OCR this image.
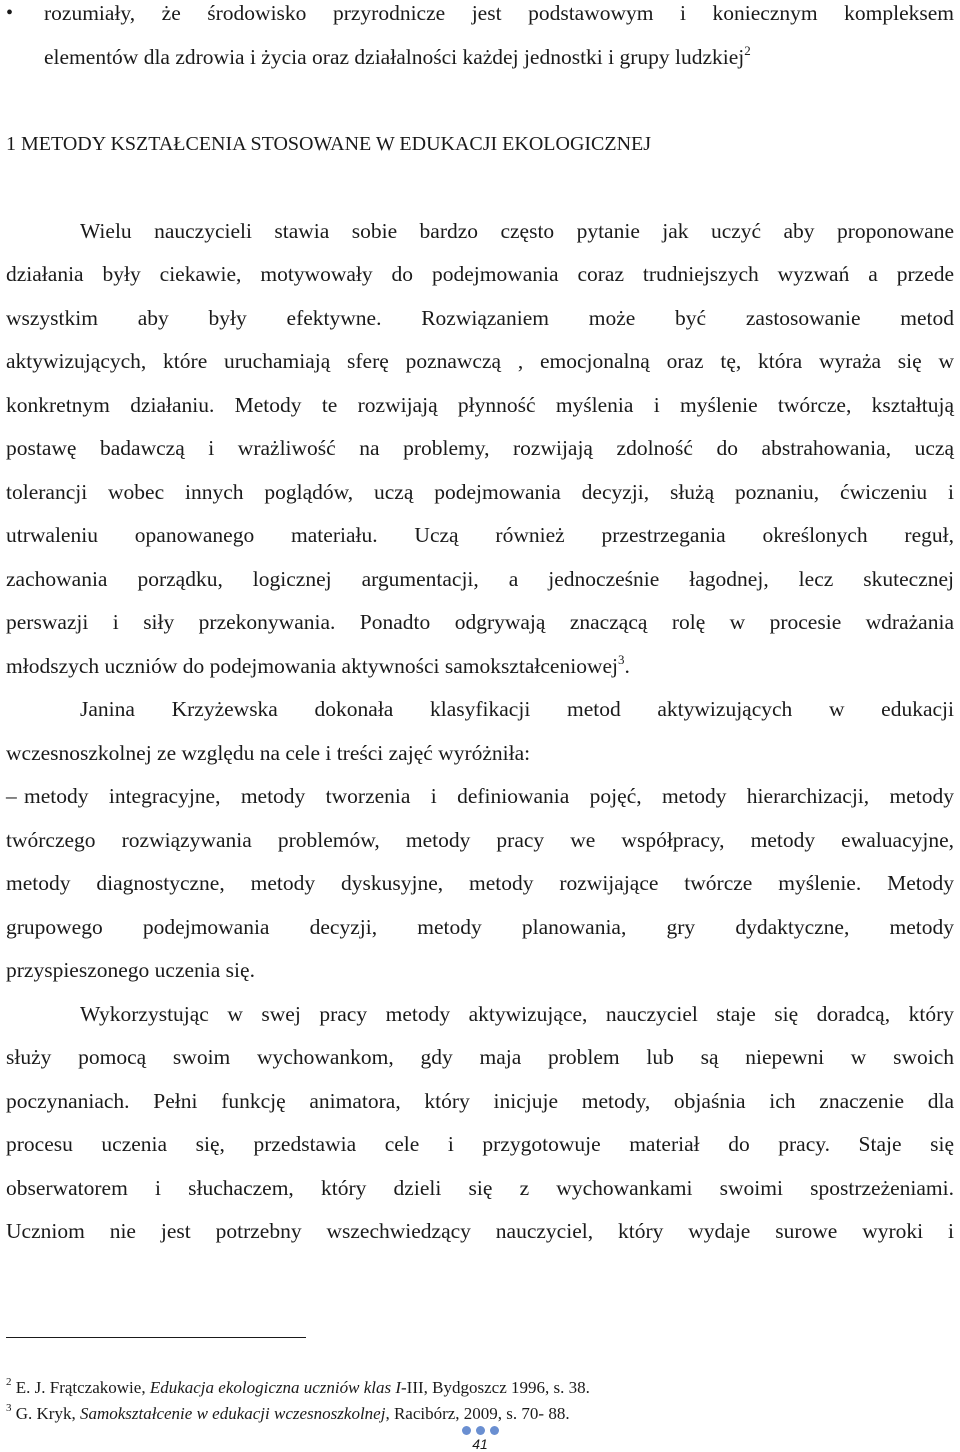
• rozumiały, że środowisko przyrodnicze jest podstawowym i koniecznym kompleksem
elementów dla zdrowia i życia oraz działalności każdej jednostki i grupy ludzkiej$^2$
1 METODY KSZTAŁCENIA STOSOWANE W EDUKACJI EKOLOGICZNEJ
Wielu nauczycieli stawia sobie bardzo często pytanie jak uczyć aby proponowane
działania były ciekawie, motywowały do podejmowania coraz trudniejszych wyzwań a przede
wszystkim aby były efektywne. Rozwiązaniem może być zastosowanie metod
aktywizujących, które uruchamiają sferę poznawczą , emocjonalną oraz tę, która wyraża się w
konkretnym działaniu. Metody te rozwijają płynność myślenia i myślenie twórcze, kształtują
postawę badawczą i wrażliwość na problemy, rozwijają zdolność do abstrahowania, uczą
tolerancji wobec innych poglądów, uczą podejmowania decyzji, służą poznaniu, ćwiczeniu i
utrwaleniu opanowanego materiału. Uczą również przestrzegania określonych reguł,
zachowania porządku, logicznej argumentacji, a jednocześnie łagodnej, lecz skutecznej
perswazji i siły przekonywania. Ponadto odgrywają znaczącą rolę w procesie wdrażania
młodszych uczniów do podejmowania aktywności samokształceniowej$^3$.
Janina Krzyżewska dokonała klasyfikacji metod aktywizujących w edukacji
wczesnoszkolnej ze względu na cele i treści zajęć wyróżniła:
– metody integracyjne, metody tworzenia i definiowania pojęć, metody hierarchizacji, metody
twórczego rozwiązywania problemów, metody pracy we współpracy, metody ewaluacyjne,
metody diagnostyczne, metody dyskusyjne, metody rozwijające twórcze myślenie. Metody
grupowego podejmowania decyzji, metody planowania, gry dydaktyczne, metody
przyspieszonego uczenia się.
Wykorzystując w swej pracy metody aktywizujące, nauczyciel staje się doradcą, który
służy pomocą swoim wychowankom, gdy maja problem lub są niepewni w swoich
poczynaniach. Pełni funkcję animatora, który inicjuje metody, objaśnia ich znaczenie dla
procesu uczenia się, przedstawia cele i przygotowuje materiał do pracy. Staje się
obserwatorem i słuchaczem, który dzieli się z wychowankami swoimi spostrzeżeniami.
Uczniom nie jest potrzebny wszechwiedzący nauczyciel, który wydaje surowe wyroki i
$^2$ E. J. Frątczakowie, Edukacja ekologiczna uczniów klas I-III, Bydgoszcz 1996, s. 38.
$^3$ G. Kryk, Samokształcenie w edukacji wczesnoszkolnej, Racibórz, 2009, s. 70- 88.
41
